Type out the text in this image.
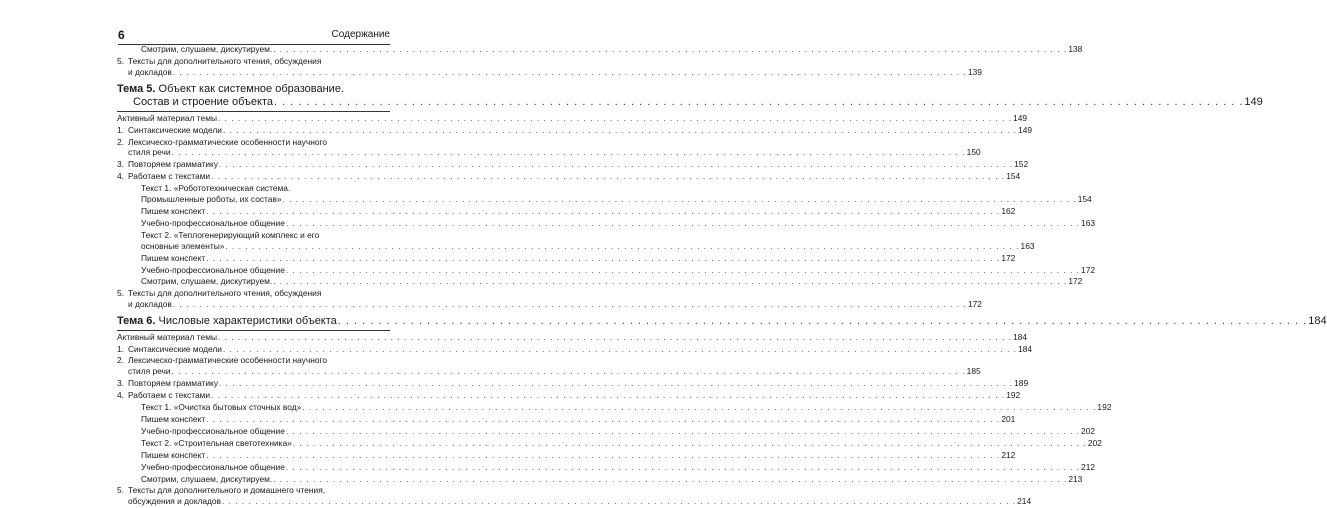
6	Содержание
Смотрим, слушаем, дискутируем. . . . . . . . . . . . . . . . . . . . . . . . . . . . . . . . . . . . . . . . . . . . . . . . . . . . . . . . . . . . . . . . . . . . . . . . . . . . . . . . . . . . . . . . . . . . . . . . . . . . . . . . . . . . . . . . . . . . . . . . . 138
5. Тексты для дополнительного чтения, обсуждения
и докладов . . . . . . . . . . . . . . . . . . . . . . . . . . . . . . . . . . . . . . . . . . . . . . . . . . . . . . . . . . . . . . . . . . . . . . . . . . . . . . . . . . . . . . . . . . . . . . . . . . . . . . . . . . . . . . . . . . . . . . . . 139
Тема 5. Объект как системное образование.
Состав и строение объекта . . . . . . . . . . . . . . . . . . . . . . . . . . . . . . . . . . . . . . . . . . . . . . . . . . . . . . . . . . . . . . . . . . . . . . . . . . . . . . . . . . . . . . . . . . . . . . . . . . . . . . . . . . . . . . . . . . . . . . . . 149
Активный материал темы . . . . . . . . . . . . . . . . . . . . . . . . . . . . . . . . . . . . . . . . . . . . . . . . . . . . . . . . . . . . . . . . . . . . . . . . . . . . . . . . . . . . . . . . . . . . . . . . . . . . . . . . . . . . . . . . . . . . . . . . 149
1. Синтаксические модели . . . . . . . . . . . . . . . . . . . . . . . . . . . . . . . . . . . . . . . . . . . . . . . . . . . . . . . . . . . . . . . . . . . . . . . . . . . . . . . . . . . . . . . . . . . . . . . . . . . . . . . . . . . . . . . . . . . . . . . . 149
2. Лексическо-грамматические особенности научного
стиля речи . . . . . . . . . . . . . . . . . . . . . . . . . . . . . . . . . . . . . . . . . . . . . . . . . . . . . . . . . . . . . . . . . . . . . . . . . . . . . . . . . . . . . . . . . . . . . . . . . . . . . . . . . . . . . . . . . . . . . . . . 150
3. Повторяем грамматику . . . . . . . . . . . . . . . . . . . . . . . . . . . . . . . . . . . . . . . . . . . . . . . . . . . . . . . . . . . . . . . . . . . . . . . . . . . . . . . . . . . . . . . . . . . . . . . . . . . . . . . . . . . . . . . . . . . . . . . . 152
4. Работаем с текстами . . . . . . . . . . . . . . . . . . . . . . . . . . . . . . . . . . . . . . . . . . . . . . . . . . . . . . . . . . . . . . . . . . . . . . . . . . . . . . . . . . . . . . . . . . . . . . . . . . . . . . . . . . . . . . . . . . . . . . . . 154
Текст 1. «Робототехническая система.
Промышленные роботы, их состав» . . . . . . . . . . . . . . . . . . . . . . . . . . . . . . . . . . . . . . . . . . . . . . . . . . . . . . . . . . . . . . . . . . . . . . . . . . . . . . . . . . . . . . . . . . . . . . . . . . . . . . . . . . . . . . . . . . . . . . . . 154
Пишем конспект . . . . . . . . . . . . . . . . . . . . . . . . . . . . . . . . . . . . . . . . . . . . . . . . . . . . . . . . . . . . . . . . . . . . . . . . . . . . . . . . . . . . . . . . . . . . . . . . . . . . . . . . . . . . . . . . . . . . . . . . 162
Учебно-профессиональное общение . . . . . . . . . . . . . . . . . . . . . . . . . . . . . . . . . . . . . . . . . . . . . . . . . . . . . . . . . . . . . . . . . . . . . . . . . . . . . . . . . . . . . . . . . . . . . . . . . . . . . . . . . . . . . . . . . . . . . . . . 163
Текст 2. «Теплогенерирующий комплекс и его
основные элементы» . . . . . . . . . . . . . . . . . . . . . . . . . . . . . . . . . . . . . . . . . . . . . . . . . . . . . . . . . . . . . . . . . . . . . . . . . . . . . . . . . . . . . . . . . . . . . . . . . . . . . . . . . . . . . . . . . . . . . . . . 163
Пишем конспект . . . . . . . . . . . . . . . . . . . . . . . . . . . . . . . . . . . . . . . . . . . . . . . . . . . . . . . . . . . . . . . . . . . . . . . . . . . . . . . . . . . . . . . . . . . . . . . . . . . . . . . . . . . . . . . . . . . . . . . . 172
Учебно-профессиональное общение . . . . . . . . . . . . . . . . . . . . . . . . . . . . . . . . . . . . . . . . . . . . . . . . . . . . . . . . . . . . . . . . . . . . . . . . . . . . . . . . . . . . . . . . . . . . . . . . . . . . . . . . . . . . . . . . . . . . . . . . 172
Смотрим, слушаем, дискутируем. . . . . . . . . . . . . . . . . . . . . . . . . . . . . . . . . . . . . . . . . . . . . . . . . . . . . . . . . . . . . . . . . . . . . . . . . . . . . . . . . . . . . . . . . . . . . . . . . . . . . . . . . . . . . . . . . . . . . . . . . 172
5. Тексты для дополнительного чтения, обсуждения
и докладов . . . . . . . . . . . . . . . . . . . . . . . . . . . . . . . . . . . . . . . . . . . . . . . . . . . . . . . . . . . . . . . . . . . . . . . . . . . . . . . . . . . . . . . . . . . . . . . . . . . . . . . . . . . . . . . . . . . . . . . . 172
Тема 6. Числовые характеристики объекта . . . . . . . . . . . . . . . . . . . . . . . . . . . . . . . . . . . . . . . . . . . . . . . . . . . . . . . . . . . . . . . . . . . . . . . . . . . . . . . . . . . . . . . . . . . . . . . . . . . . . . . . . . . . . . . . . . . . . . . . 184
Активный материал темы . . . . . . . . . . . . . . . . . . . . . . . . . . . . . . . . . . . . . . . . . . . . . . . . . . . . . . . . . . . . . . . . . . . . . . . . . . . . . . . . . . . . . . . . . . . . . . . . . . . . . . . . . . . . . . . . . . . . . . . . 184
1. Синтаксические модели . . . . . . . . . . . . . . . . . . . . . . . . . . . . . . . . . . . . . . . . . . . . . . . . . . . . . . . . . . . . . . . . . . . . . . . . . . . . . . . . . . . . . . . . . . . . . . . . . . . . . . . . . . . . . . . . . . . . . . . . 184
2. Лексическо-грамматические особенности научного
стиля речи . . . . . . . . . . . . . . . . . . . . . . . . . . . . . . . . . . . . . . . . . . . . . . . . . . . . . . . . . . . . . . . . . . . . . . . . . . . . . . . . . . . . . . . . . . . . . . . . . . . . . . . . . . . . . . . . . . . . . . . . 185
3. Повторяем грамматику . . . . . . . . . . . . . . . . . . . . . . . . . . . . . . . . . . . . . . . . . . . . . . . . . . . . . . . . . . . . . . . . . . . . . . . . . . . . . . . . . . . . . . . . . . . . . . . . . . . . . . . . . . . . . . . . . . . . . . . . 189
4. Работаем с текстами . . . . . . . . . . . . . . . . . . . . . . . . . . . . . . . . . . . . . . . . . . . . . . . . . . . . . . . . . . . . . . . . . . . . . . . . . . . . . . . . . . . . . . . . . . . . . . . . . . . . . . . . . . . . . . . . . . . . . . . . 192
Текст 1. «Очистка бытовых сточных вод» . . . . . . . . . . . . . . . . . . . . . . . . . . . . . . . . . . . . . . . . . . . . . . . . . . . . . . . . . . . . . . . . . . . . . . . . . . . . . . . . . . . . . . . . . . . . . . . . . . . . . . . . . . . . . . . . . . . . . . . . 192
Пишем конспект . . . . . . . . . . . . . . . . . . . . . . . . . . . . . . . . . . . . . . . . . . . . . . . . . . . . . . . . . . . . . . . . . . . . . . . . . . . . . . . . . . . . . . . . . . . . . . . . . . . . . . . . . . . . . . . . . . . . . . . . 201
Учебно-профессиональное общение . . . . . . . . . . . . . . . . . . . . . . . . . . . . . . . . . . . . . . . . . . . . . . . . . . . . . . . . . . . . . . . . . . . . . . . . . . . . . . . . . . . . . . . . . . . . . . . . . . . . . . . . . . . . . . . . . . . . . . . . 202
Текст 2. «Строительная светотехника» . . . . . . . . . . . . . . . . . . . . . . . . . . . . . . . . . . . . . . . . . . . . . . . . . . . . . . . . . . . . . . . . . . . . . . . . . . . . . . . . . . . . . . . . . . . . . . . . . . . . . . . . . . . . . . . . . . . . . . . . 202
Пишем конспект . . . . . . . . . . . . . . . . . . . . . . . . . . . . . . . . . . . . . . . . . . . . . . . . . . . . . . . . . . . . . . . . . . . . . . . . . . . . . . . . . . . . . . . . . . . . . . . . . . . . . . . . . . . . . . . . . . . . . . . . 212
Учебно-профессиональное общение . . . . . . . . . . . . . . . . . . . . . . . . . . . . . . . . . . . . . . . . . . . . . . . . . . . . . . . . . . . . . . . . . . . . . . . . . . . . . . . . . . . . . . . . . . . . . . . . . . . . . . . . . . . . . . . . . . . . . . . . 212
Смотрим, слушаем, дискутируем. . . . . . . . . . . . . . . . . . . . . . . . . . . . . . . . . . . . . . . . . . . . . . . . . . . . . . . . . . . . . . . . . . . . . . . . . . . . . . . . . . . . . . . . . . . . . . . . . . . . . . . . . . . . . . . . . . . . . . . . . 213
5. Тексты для дополнительного и домашнего чтения,
обсуждения и докладов . . . . . . . . . . . . . . . . . . . . . . . . . . . . . . . . . . . . . . . . . . . . . . . . . . . . . . . . . . . . . . . . . . . . . . . . . . . . . . . . . . . . . . . . . . . . . . . . . . . . . . . . . . . . . . . . . . . . . . . . 214
